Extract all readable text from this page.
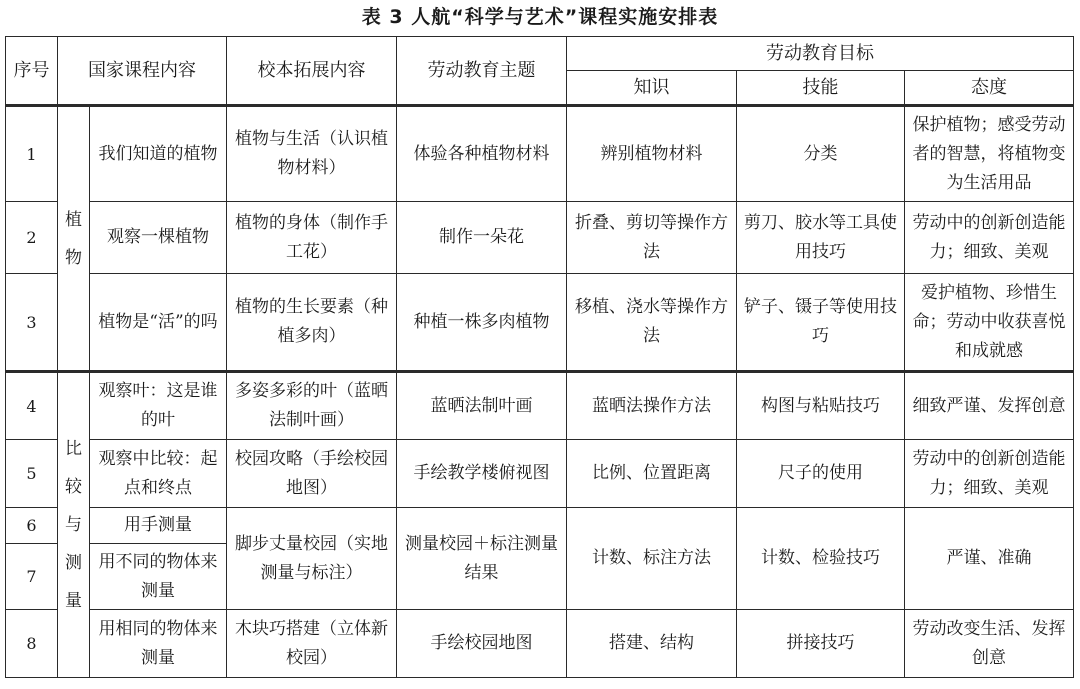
表 3 人航“科学与艺术”课程实施安排表
序号	国家课程内容		校本拓展内容	劳动教育主题	劳动教育目标		
					知识	技能	态度
1	植物	我们知道的植物	植物与生活（认识植物材料）	体验各种植物材料	辨别植物材料	分类	保护植物；感受劳动者的智慧，将植物变为生活用品
2		观察一棵植物	植物的身体（制作手工花）	制作一朵花	折叠、剪切等操作方法	剪刀、胶水等工具使用技巧	劳动中的创新创造能力；细致、美观
3		植物是“活”的吗	植物的生长要素（种植多肉）	种植一株多肉植物	移植、浇水等操作方法	铲子、镊子等使用技巧	爱护植物、珍惜生命；劳动中收获喜悦和成就感
4	比较与测量	观察叶：这是谁的叶	多姿多彩的叶（蓝晒法制叶画）	蓝晒法制叶画	蓝晒法操作方法	构图与粘贴技巧	细致严谨、发挥创意
5		观察中比较：起点和终点	校园攻略（手绘校园地图）	手绘教学楼俯视图	比例、位置距离	尺子的使用	劳动中的创新创造能力；细致、美观
6		用手测量	脚步丈量校园（实地测量与标注）	测量校园＋标注测量结果	计数、标注方法	计数、检验技巧	严谨、准确
7		用不同的物体来测量					
8		用相同的物体来测量	木块巧搭建（立体新校园）	手绘校园地图	搭建、结构	拼接技巧	劳动改变生活、发挥创意
